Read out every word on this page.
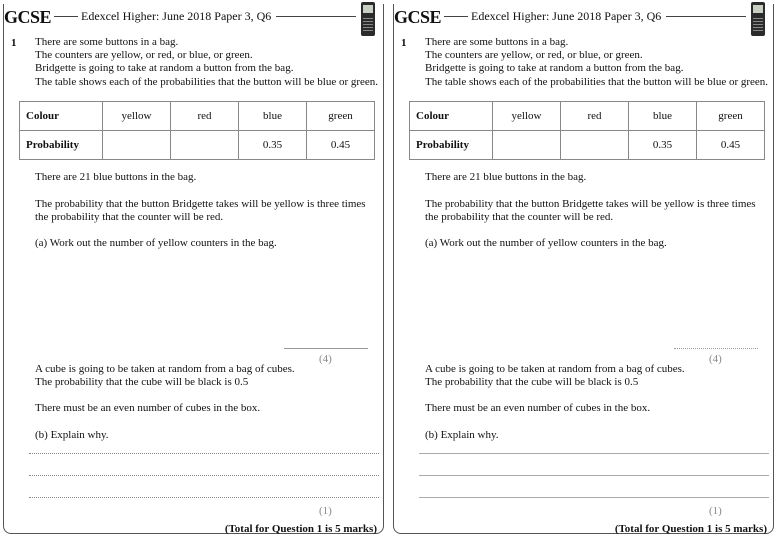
GCSE Edexcel Higher: June 2018 Paper 3, Q6
1 There are some buttons in a bag.
The counters are yellow, or red, or blue, or green.
Bridgette is going to take at random a button from the bag.
The table shows each of the probabilities that the button will be blue or green.
Colour	yellow	red	blue	green
Probability			0.35	0.45
There are 21 blue buttons in the bag.
The probability that the button Bridgette takes will be yellow is three times
the probability that the counter will be red.
(a) Work out the number of yellow counters in the bag.
(4)
A cube is going to be taken at random from a bag of cubes.
The probability that the cube will be black is 0.5
There must be an even number of cubes in the box.
(b) Explain why.
(1)
(Total for Question 1 is 5 marks)
GCSE Edexcel Higher: June 2018 Paper 3, Q6
1 There are some buttons in a bag.
The counters are yellow, or red, or blue, or green.
Bridgette is going to take at random a button from the bag.
The table shows each of the probabilities that the button will be blue or green.
Colour	yellow	red	blue	green
Probability			0.35	0.45
There are 21 blue buttons in the bag.
The probability that the button Bridgette takes will be yellow is three times
the probability that the counter will be red.
(a) Work out the number of yellow counters in the bag.
(4)
A cube is going to be taken at random from a bag of cubes.
The probability that the cube will be black is 0.5
There must be an even number of cubes in the box.
(b) Explain why.
(1)
(Total for Question 1 is 5 marks)
